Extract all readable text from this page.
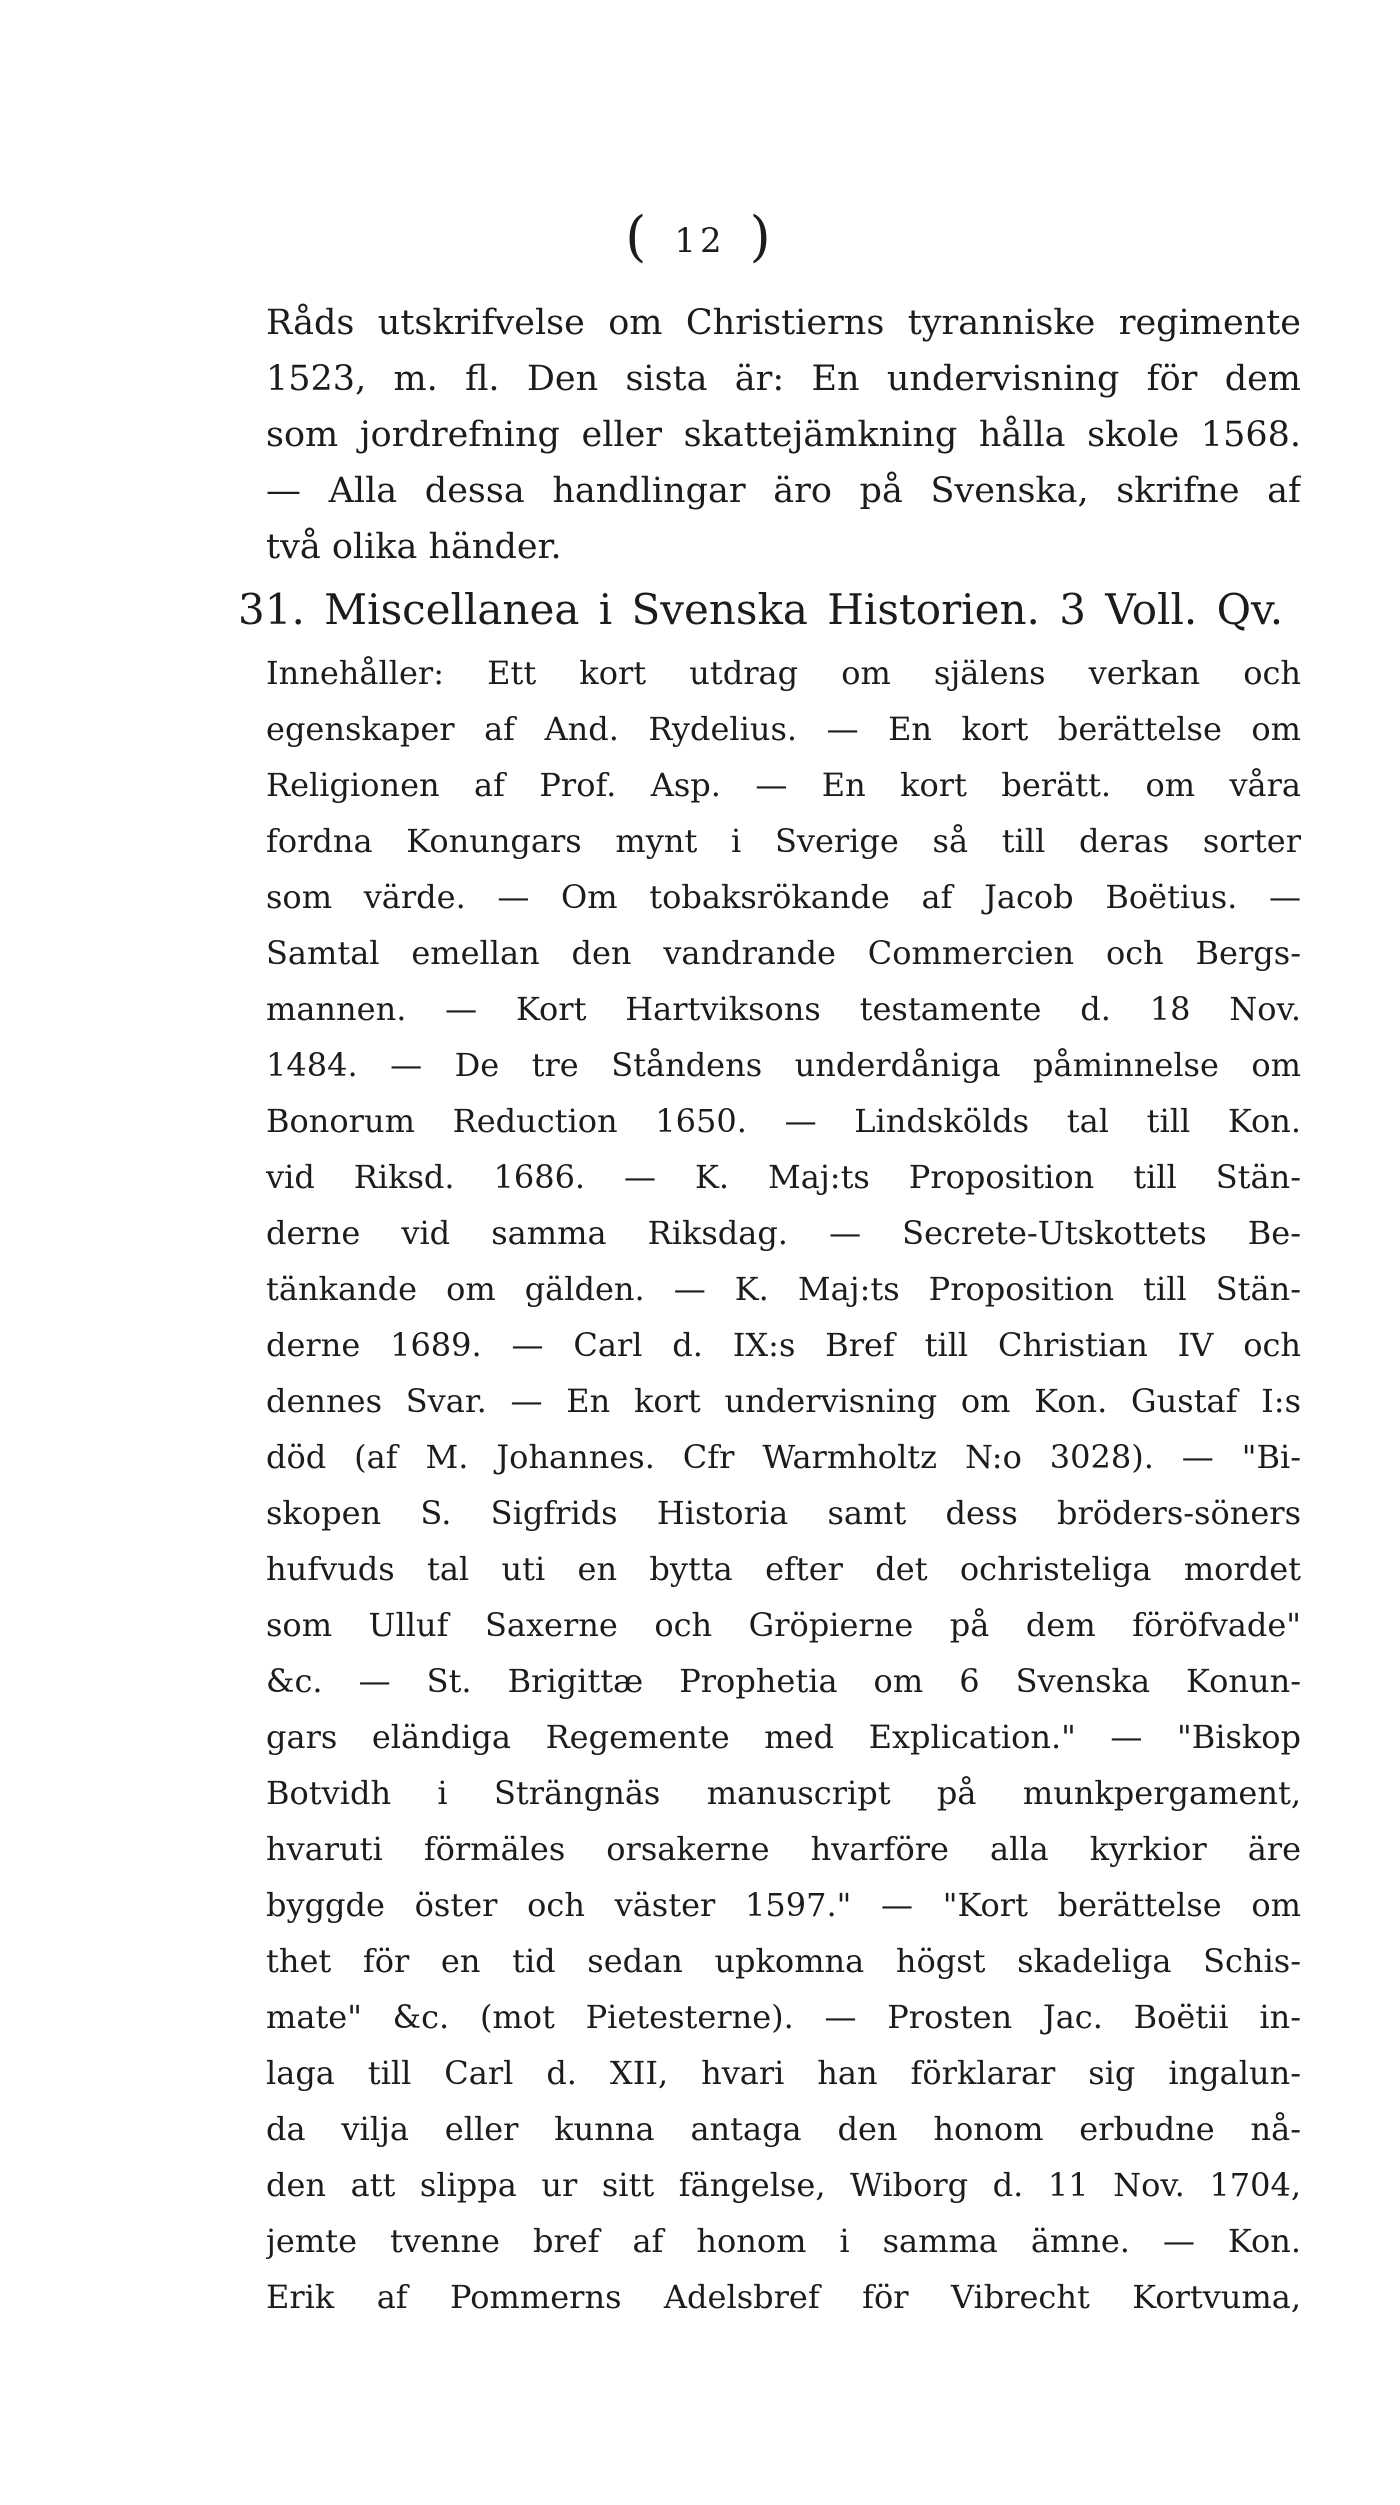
( 12 )
Råds utskrifvelse om Christierns tyranniske regimente
1523, m. fl. Den sista är: En undervisning för dem
som jordrefning eller skattejämkning hålla skole 1568.
— Alla dessa handlingar äro på Svenska, skrifne af
två olika händer.
31. Miscellanea i Svenska Historien. 3 Voll. Qv.
Innehåller: Ett kort utdrag om själens verkan och
egenskaper af And. Rydelius. — En kort berättelse om
Religionen af Prof. Asp. — En kort berätt. om våra
fordna Konungars mynt i Sverige så till deras sorter
som värde. — Om tobaksrökande af Jacob Boëtius. —
Samtal emellan den vandrande Commercien och Bergs-
mannen. — Kort Hartviksons testamente d. 18 Nov.
1484. — De tre Ståndens underdåniga påminnelse om
Bonorum Reduction 1650. — Lindskölds tal till Kon.
vid Riksd. 1686. — K. Maj:ts Proposition till Stän-
derne vid samma Riksdag. — Secrete-Utskottets Be-
tänkande om gälden. — K. Maj:ts Proposition till Stän-
derne 1689. — Carl d. IX:s Bref till Christian IV och
dennes Svar. — En kort undervisning om Kon. Gustaf I:s
död (af M. Johannes. Cfr Warmholtz N:o 3028). — "Bi-
skopen S. Sigfrids Historia samt dess bröders-söners
hufvuds tal uti en bytta efter det ochristeliga mordet
som Ulluf Saxerne och Gröpierne på dem föröfvade"
&c. — St. Brigittæ Prophetia om 6 Svenska Konun-
gars eländiga Regemente med Explication." — "Biskop
Botvidh i Strängnäs manuscript på munkpergament,
hvaruti förmäles orsakerne hvarföre alla kyrkior äre
byggde öster och väster 1597." — "Kort berättelse om
thet för en tid sedan upkomna högst skadeliga Schis-
mate" &c. (mot Pietesterne). — Prosten Jac. Boëtii in-
laga till Carl d. XII, hvari han förklarar sig ingalun-
da vilja eller kunna antaga den honom erbudne nå-
den att slippa ur sitt fängelse, Wiborg d. 11 Nov. 1704,
jemte tvenne bref af honom i samma ämne. — Kon.
Erik af Pommerns Adelsbref för Vibrecht Kortvuma,
